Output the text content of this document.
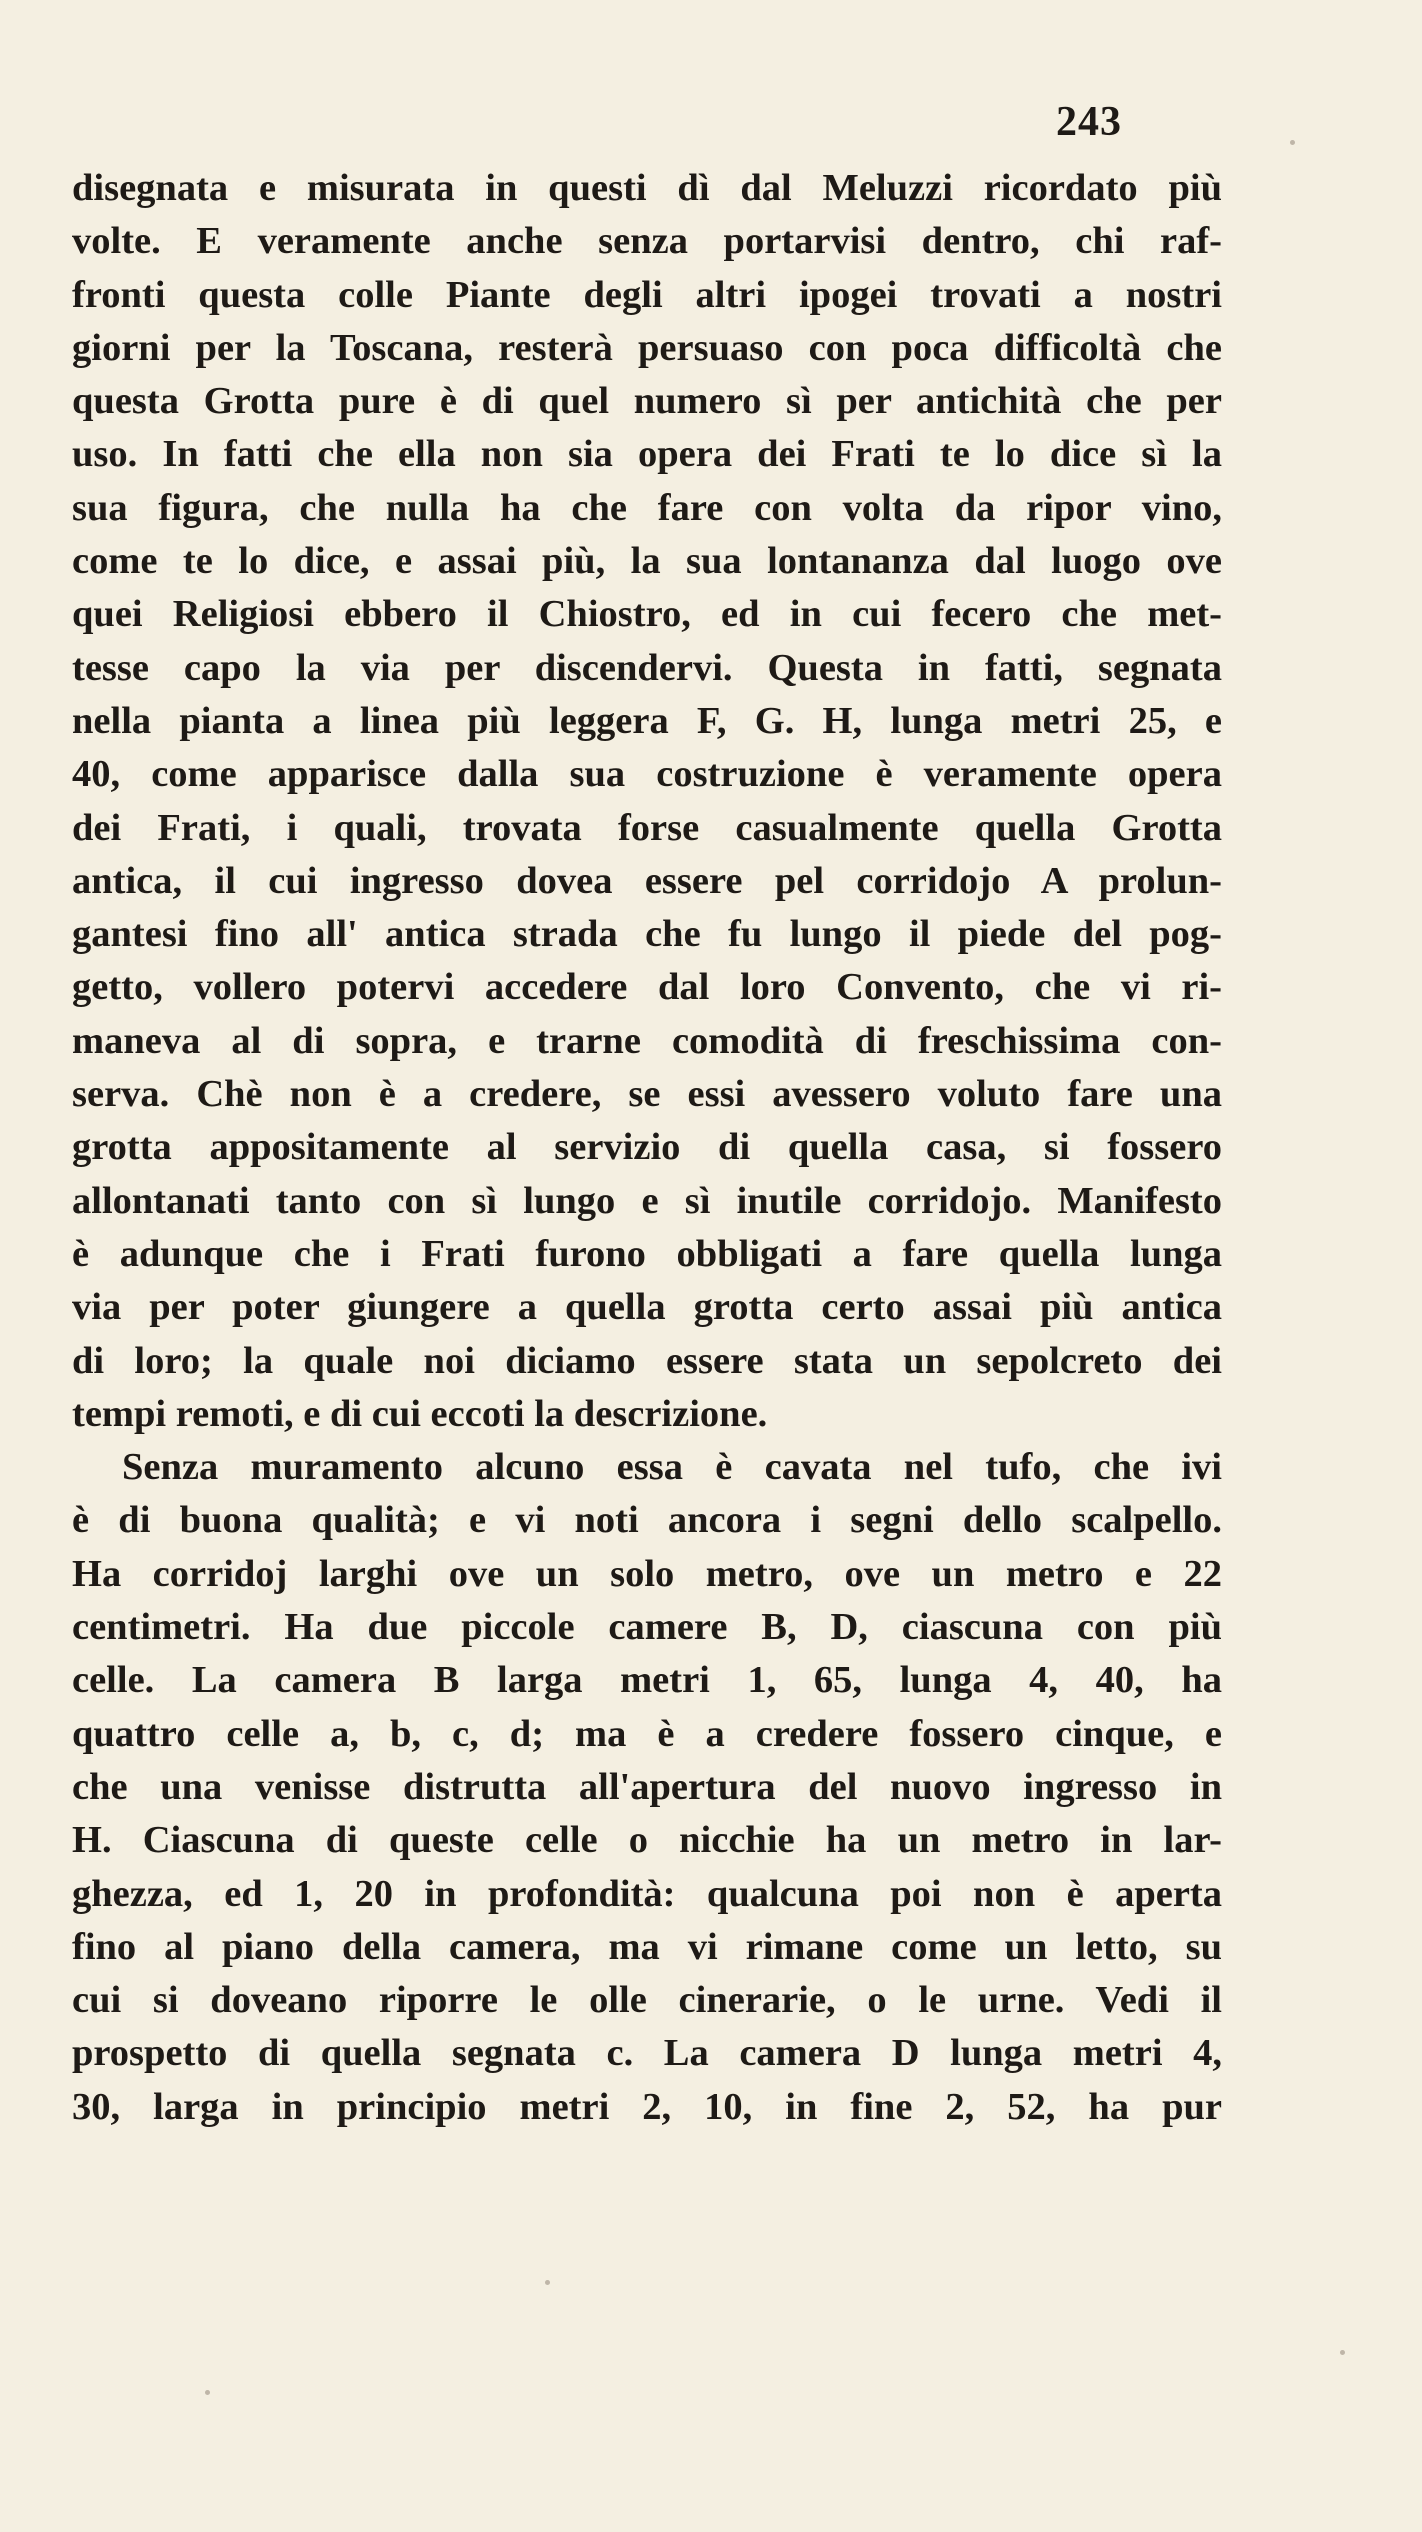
243
disegnata e misurata in questi dì dal Meluzzi ricordato più
volte. E veramente anche senza portarvisi dentro, chi raf-
fronti questa colle Piante degli altri ipogei trovati a nostri
giorni per la Toscana, resterà persuaso con poca difficoltà che
questa Grotta pure è di quel numero sì per antichità che per
uso. In fatti che ella non sia opera dei Frati te lo dice sì la
sua figura, che nulla ha che fare con volta da ripor vino,
come te lo dice, e assai più, la sua lontananza dal luogo ove
quei Religiosi ebbero il Chiostro, ed in cui fecero che met-
tesse capo la via per discendervi. Questa in fatti, segnata
nella pianta a linea più leggera F, G. H, lunga metri 25, e
40, come apparisce dalla sua costruzione è veramente opera
dei Frati, i quali, trovata forse casualmente quella Grotta
antica, il cui ingresso dovea essere pel corridojo A prolun-
gantesi fino all' antica strada che fu lungo il piede del pog-
getto, vollero potervi accedere dal loro Convento, che vi ri-
maneva al di sopra, e trarne comodità di freschissima con-
serva. Chè non è a credere, se essi avessero voluto fare una
grotta appositamente al servizio di quella casa, si fossero
allontanati tanto con sì lungo e sì inutile corridojo. Manifesto
è adunque che i Frati furono obbligati a fare quella lunga
via per poter giungere a quella grotta certo assai più antica
di loro; la quale noi diciamo essere stata un sepolcreto dei
tempi remoti, e di cui eccoti la descrizione.
Senza muramento alcuno essa è cavata nel tufo, che ivi
è di buona qualità; e vi noti ancora i segni dello scalpello.
Ha corridoj larghi ove un solo metro, ove un metro e 22
centimetri. Ha due piccole camere B, D, ciascuna con più
celle. La camera B larga metri 1, 65, lunga 4, 40, ha
quattro celle a, b, c, d; ma è a credere fossero cinque, e
che una venisse distrutta all'apertura del nuovo ingresso in
H. Ciascuna di queste celle o nicchie ha un metro in lar-
ghezza, ed 1, 20 in profondità: qualcuna poi non è aperta
fino al piano della camera, ma vi rimane come un letto, su
cui si doveano riporre le olle cinerarie, o le urne. Vedi il
prospetto di quella segnata c. La camera D lunga metri 4,
30, larga in principio metri 2, 10, in fine 2, 52, ha pur
